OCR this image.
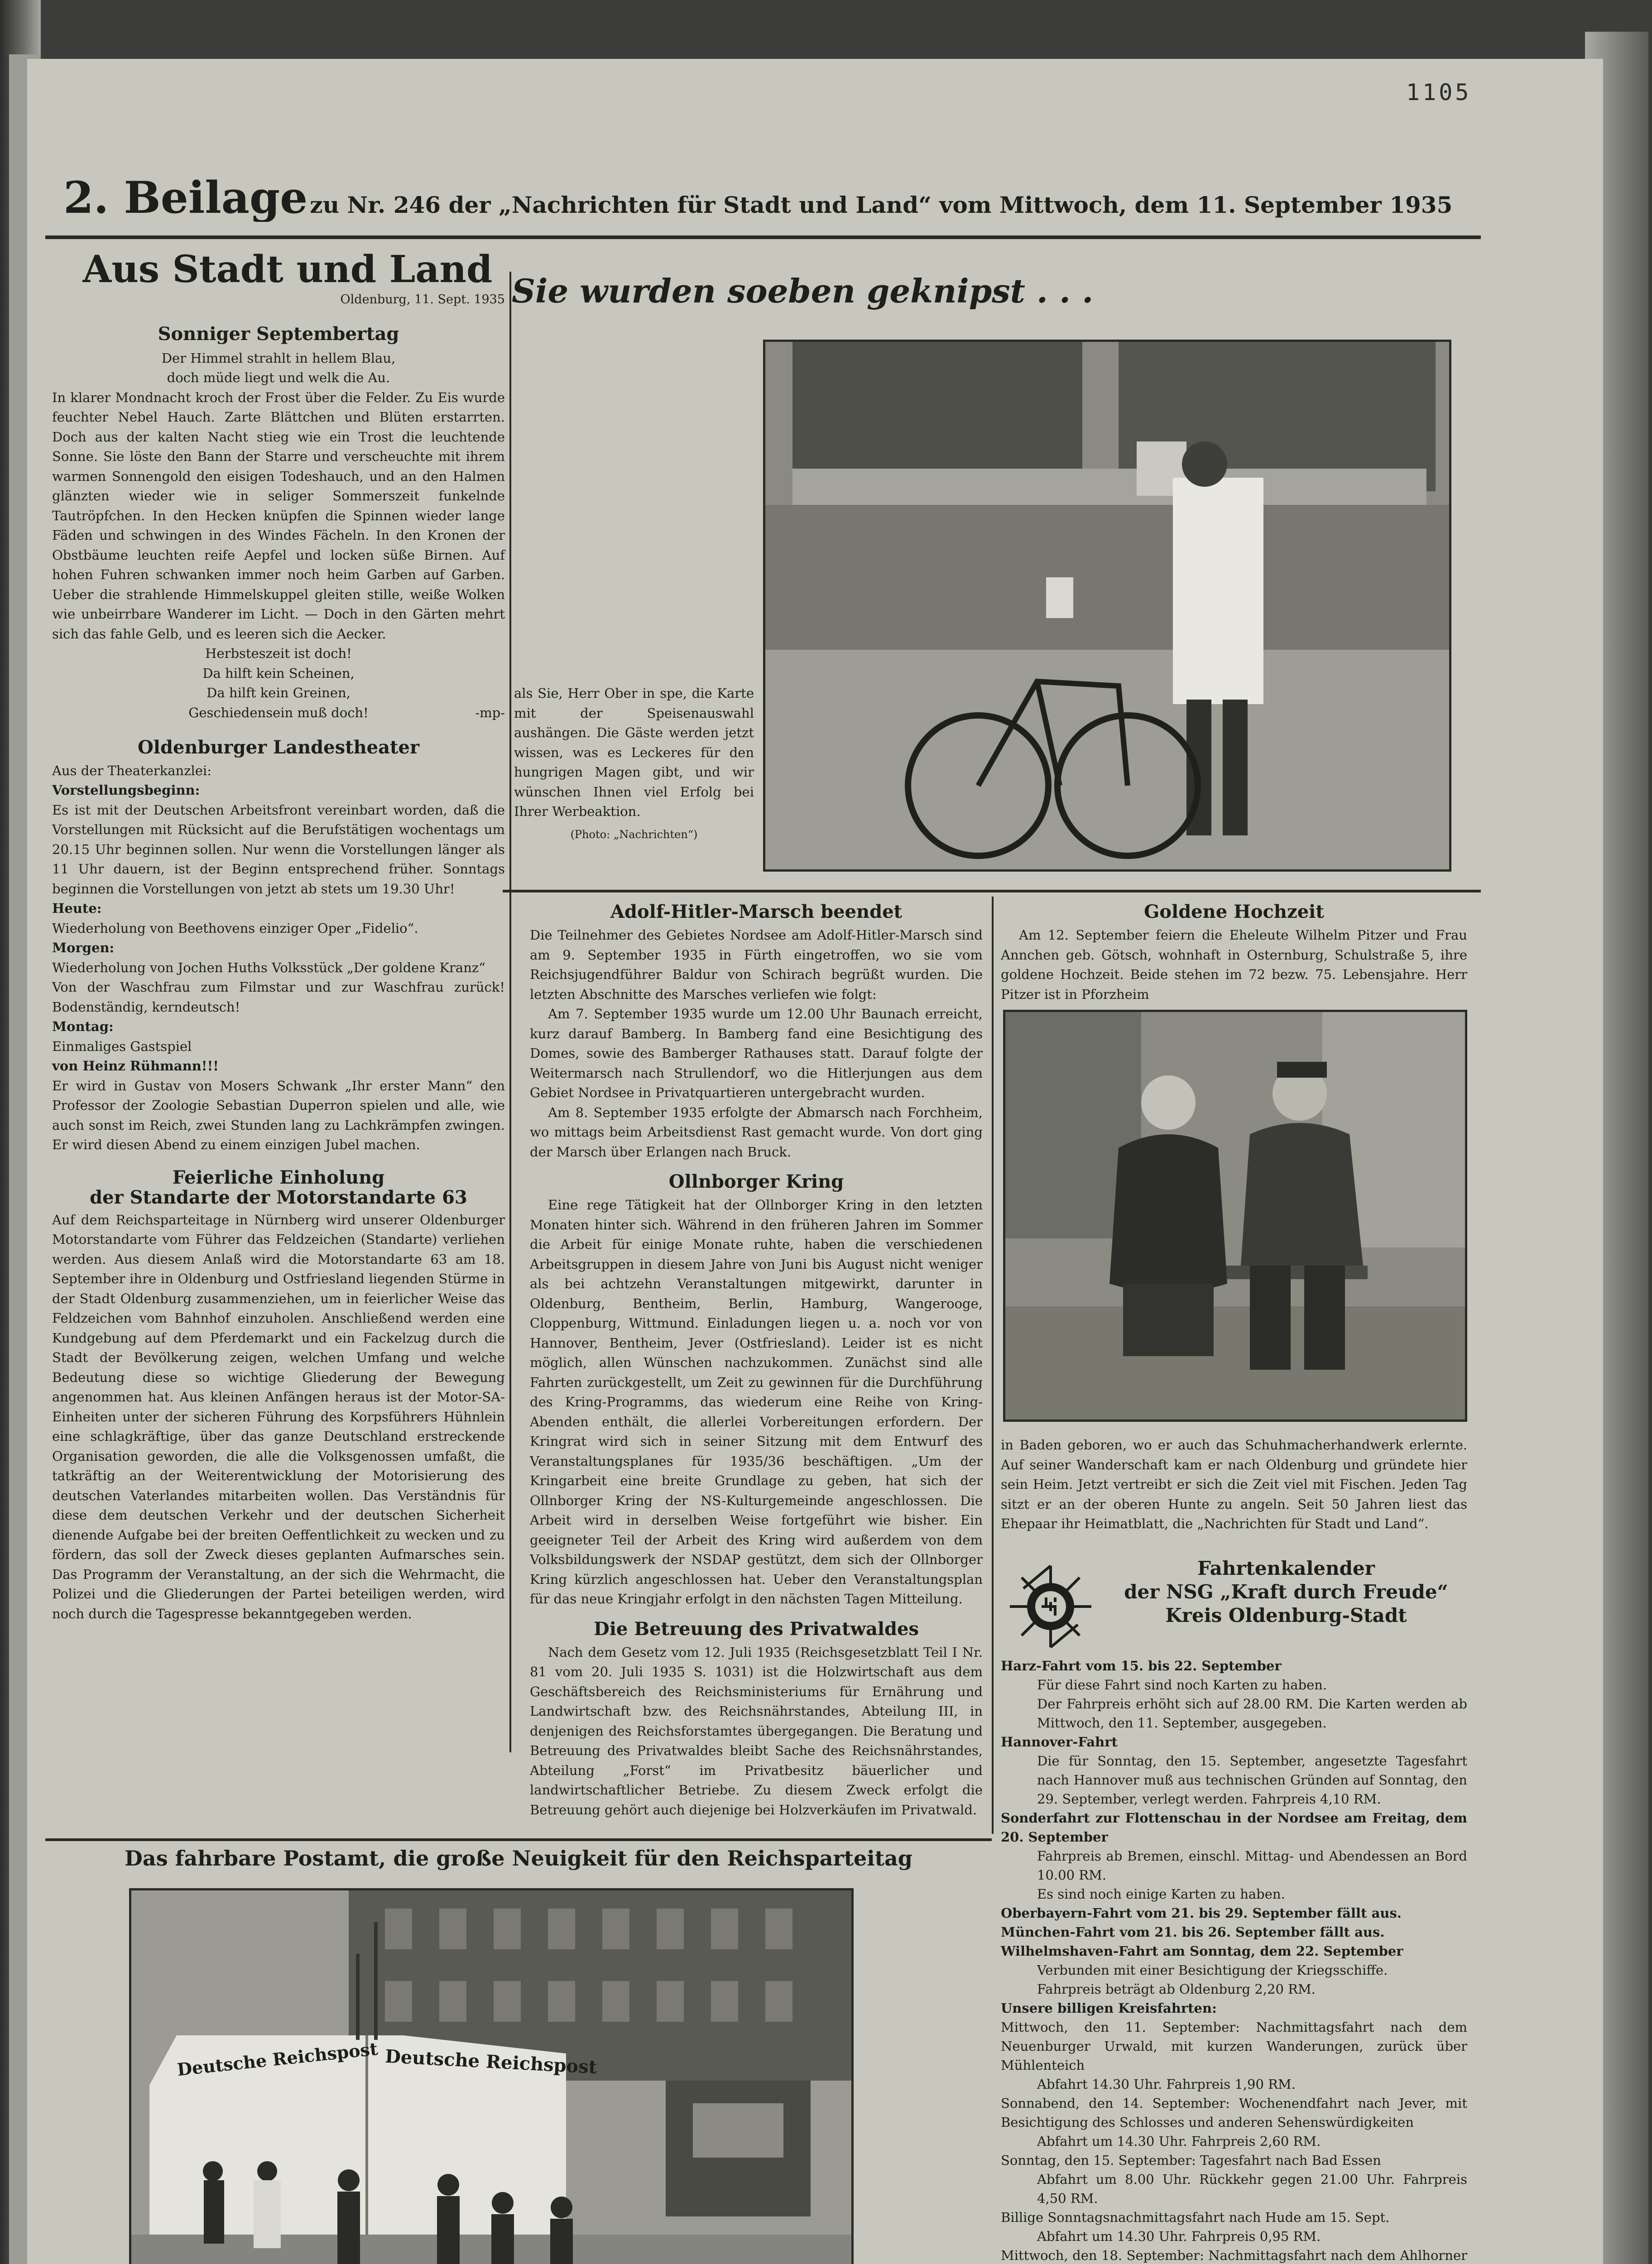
1105
2. Beilage zu Nr. 246 der „Nachrichten für Stadt und Land“ vom Mittwoch, dem 11. September 1935
Aus Stadt und Land
Oldenburg, 11. Sept. 1935
Sonniger Septembertag

Der Himmel strahlt in hellem Blau,

doch müde liegt und welk die Au.

In klarer Mondnacht kroch der Frost über die Felder. Zu Eis wurde feuchter Nebel Hauch. Zarte Blättchen und Blüten erstarrten. Doch aus der kalten Nacht stieg wie ein Trost die leuchtende Sonne. Sie löste den Bann der Starre und verscheuchte mit ihrem warmen Sonnengold den eisigen Todeshauch, und an den Halmen glänzten wieder wie in seliger Sommerszeit funkelnde Tautröpfchen. In den Hecken knüpfen die Spinnen wieder lange Fäden und schwingen in des Windes Fächeln. In den Kronen der Obstbäume leuchten reife Aepfel und locken süße Birnen. Auf hohen Fuhren schwanken immer noch heim Garben auf Garben. Ueber die strahlende Himmelskuppel gleiten stille, weiße Wolken wie unbeirrbare Wanderer im Licht. — Doch in den Gärten mehrt sich das fahle Gelb, und es leeren sich die Aecker.

Herbsteszeit ist doch!

Da hilft kein Scheinen,

Da hilft kein Greinen,

Geschiedensein muß doch!	-mp-
Oldenburger Landestheater

Aus der Theaterkanzlei:

Vorstellungsbeginn:

Es ist mit der Deutschen Arbeitsfront vereinbart worden, daß die Vorstellungen mit Rücksicht auf die Berufstätigen wochentags um 20.15 Uhr beginnen sollen. Nur wenn die Vorstellungen länger als 11 Uhr dauern, ist der Beginn entsprechend früher. Sonntags beginnen die Vorstellungen von jetzt ab stets um 19.30 Uhr!

Heute:

Wiederholung von Beethovens einziger Oper „Fidelio“.

Morgen:

Wiederholung von Jochen Huths Volksstück „Der goldene Kranz“

Von der Waschfrau zum Filmstar und zur Waschfrau zurück! Bodenständig, kerndeutsch!

Montag:

Einmaliges Gastspiel

von Heinz Rühmann!!!

Er wird in Gustav von Mosers Schwank „Ihr erster Mann“ den Professor der Zoologie Sebastian Duperron spielen und alle, wie auch sonst im Reich, zwei Stunden lang zu Lachkrämpfen zwingen. Er wird diesen Abend zu einem einzigen Jubel machen.

Feierliche Einholung
der Standarte der Motorstandarte 63

Auf dem Reichsparteitage in Nürnberg wird unserer Oldenburger Motorstandarte vom Führer das Feldzeichen (Standarte) verliehen werden. Aus diesem Anlaß wird die Motorstandarte 63 am 18. September ihre in Oldenburg und Ostfriesland liegenden Stürme in der Stadt Oldenburg zusammenziehen, um in feierlicher Weise das Feldzeichen vom Bahnhof einzuholen. Anschließend werden eine Kundgebung auf dem Pferdemarkt und ein Fackelzug durch die Stadt der Bevölkerung zeigen, welchen Umfang und welche Bedeutung diese so wichtige Gliederung der Bewegung angenommen hat. Aus kleinen Anfängen heraus ist der Motor-SA-Einheiten unter der sicheren Führung des Korpsführers Hühnlein eine schlagkräftige, über das ganze Deutschland erstreckende Organisation geworden, die alle die Volksgenossen umfaßt, die tatkräftig an der Weiterentwicklung der Motorisierung des deutschen Vaterlandes mitarbeiten wollen. Das Verständnis für diese dem deutschen Verkehr und der deutschen Sicherheit dienende Aufgabe bei der breiten Oeffentlichkeit zu wecken und zu fördern, das soll der Zweck dieses geplanten Aufmarsches sein. Das Programm der Veranstaltung, an der sich die Wehrmacht, die Polizei und die Gliederungen der Partei beteiligen werden, wird noch durch die Tagespresse bekanntgegeben werden.

Sie wurden soeben geknipst . . .

als Sie, Herr Ober in spe, die Karte mit der Speisenauswahl aushängen. Die Gäste werden jetzt wissen, was es Leckeres für den hungrigen Magen gibt, und wir wünschen Ihnen viel Erfolg bei Ihrer Werbeaktion.

(Photo: „Nachrichten“)
Adolf-Hitler-Marsch beendet

Die Teilnehmer des Gebietes Nordsee am Adolf-Hitler-Marsch sind am 9. September 1935 in Fürth eingetroffen, wo sie vom Reichsjugendführer Baldur von Schirach begrüßt wurden. Die letzten Abschnitte des Marsches verliefen wie folgt:

Am 7. September 1935 wurde um 12.00 Uhr Baunach erreicht, kurz darauf Bamberg. In Bamberg fand eine Besichtigung des Domes, sowie des Bamberger Rathauses statt. Darauf folgte der Weitermarsch nach Strullendorf, wo die Hitlerjungen aus dem Gebiet Nordsee in Privatquartieren untergebracht wurden.

Am 8. September 1935 erfolgte der Abmarsch nach Forchheim, wo mittags beim Arbeitsdienst Rast gemacht wurde. Von dort ging der Marsch über Erlangen nach Bruck.

Ollnborger Kring

Eine rege Tätigkeit hat der Ollnborger Kring in den letzten Monaten hinter sich. Während in den früheren Jahren im Sommer die Arbeit für einige Monate ruhte, haben die verschiedenen Arbeitsgruppen in diesem Jahre von Juni bis August nicht weniger als bei achtzehn Veranstaltungen mitgewirkt, darunter in Oldenburg, Bentheim, Berlin, Hamburg, Wangerooge, Cloppenburg, Wittmund. Einladungen liegen u. a. noch vor von Hannover, Bentheim, Jever (Ostfriesland). Leider ist es nicht möglich, allen Wünschen nachzukommen. Zunächst sind alle Fahrten zurückgestellt, um Zeit zu gewinnen für die Durchführung des Kring-Programms, das wiederum eine Reihe von Kring-Abenden enthält, die allerlei Vorbereitungen erfordern. Der Kringrat wird sich in seiner Sitzung mit dem Entwurf des Veranstaltungsplanes für 1935/36 beschäftigen. „Um der Kringarbeit eine breite Grundlage zu geben, hat sich der Ollnborger Kring der NS-Kulturgemeinde angeschlossen. Die Arbeit wird in derselben Weise fortgeführt wie bisher. Ein geeigneter Teil der Arbeit des Kring wird außerdem von dem Volksbildungswerk der NSDAP gestützt, dem sich der Ollnborger Kring kürzlich angeschlossen hat. Ueber den Veranstaltungsplan für das neue Kringjahr erfolgt in den nächsten Tagen Mitteilung.

Die Betreuung des Privatwaldes

Nach dem Gesetz vom 12. Juli 1935 (Reichsgesetzblatt Teil I Nr. 81 vom 20. Juli 1935 S. 1031) ist die Holzwirtschaft aus dem Geschäftsbereich des Reichsministeriums für Ernährung und Landwirtschaft bzw. des Reichsnährstandes, Abteilung III, in denjenigen des Reichsforstamtes übergegangen. Die Beratung und Betreuung des Privatwaldes bleibt Sache des Reichsnährstandes, Abteilung „Forst“ im Privatbesitz bäuerlicher und landwirtschaftlicher Betriebe. Zu diesem Zweck erfolgt die Betreuung gehört auch diejenige bei Holzverkäufen im Privatwald.

Goldene Hochzeit

Am 12. September feiern die Eheleute Wilhelm Pitzer und Frau Annchen geb. Götsch, wohnhaft in Osternburg, Schulstraße 5, ihre goldene Hochzeit. Beide stehen im 72 bezw. 75. Lebensjahre. Herr Pitzer ist in Pforzheim

in Baden geboren, wo er auch das Schuhmacherhandwerk erlernte. Auf seiner Wanderschaft kam er nach Oldenburg und gründete hier sein Heim. Jetzt vertreibt er sich die Zeit viel mit Fischen. Jeden Tag sitzt er an der oberen Hunte zu angeln. Seit 50 Jahren liest das Ehepaar ihr Heimatblatt, die „Nachrichten für Stadt und Land“.

Fahrtenkalender
der NSG „Kraft durch Freude“
Kreis Oldenburg-Stadt

Harz-Fahrt vom 15. bis 22. September

Für diese Fahrt sind noch Karten zu haben.

Der Fahrpreis erhöht sich auf 28.00 RM. Die Karten werden ab Mittwoch, den 11. September, ausgegeben.

Hannover-Fahrt

Die für Sonntag, den 15. September, angesetzte Tagesfahrt nach Hannover muß aus technischen Gründen auf Sonntag, den 29. September, verlegt werden. Fahrpreis 4,10 RM.

Sonderfahrt zur Flottenschau in der Nordsee am Freitag, dem 20. September

Fahrpreis ab Bremen, einschl. Mittag- und Abendessen an Bord 10.00 RM.

Es sind noch einige Karten zu haben.

Oberbayern-Fahrt vom 21. bis 29. September fällt aus.

München-Fahrt vom 21. bis 26. September fällt aus.

Wilhelmshaven-Fahrt am Sonntag, dem 22. September

Verbunden mit einer Besichtigung der Kriegsschiffe.

Fahrpreis beträgt ab Oldenburg 2,20 RM.

Unsere billigen Kreisfahrten:

Mittwoch, den 11. September: Nachmittagsfahrt nach dem Neuenburger Urwald, mit kurzen Wanderungen, zurück über Mühlenteich

Abfahrt 14.30 Uhr. Fahrpreis 1,90 RM.

Sonnabend, den 14. September: Wochenendfahrt nach Jever, mit Besichtigung des Schlosses und anderen Sehenswürdigkeiten

Abfahrt um 14.30 Uhr. Fahrpreis 2,60 RM.

Sonntag, den 15. September: Tagesfahrt nach Bad Essen

Abfahrt um 8.00 Uhr. Rückkehr gegen 21.00 Uhr. Fahrpreis 4,50 RM.

Billige Sonntagsnachmittagsfahrt nach Hude am 15. Sept.

Abfahrt um 14.30 Uhr. Fahrpreis 0,95 RM.

Mittwoch, den 18. September: Nachmittagsfahrt nach dem Ahlhorner

Das fahrbare Postamt, die große Neuigkeit für den Reichsparteitag
Deutsche Reichspost Deutsche Reichspost
